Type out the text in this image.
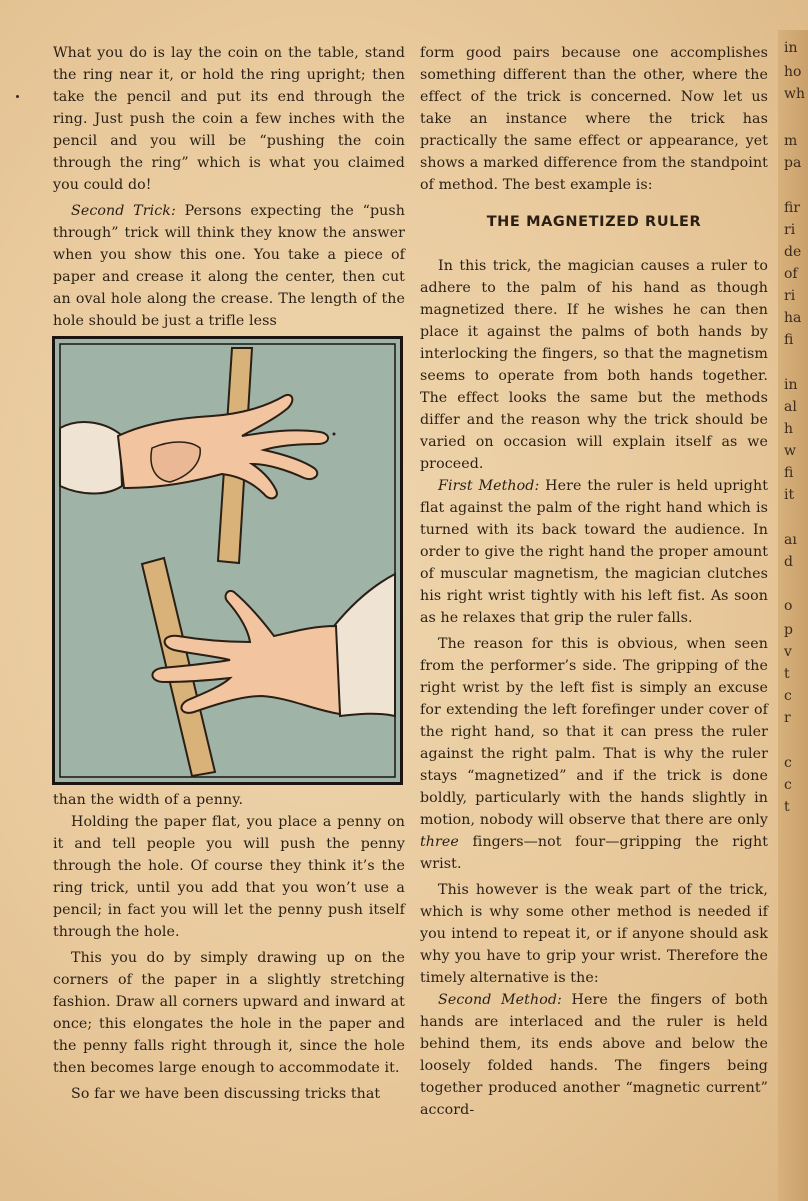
What you do is lay the coin on the table, stand the ring near it, or hold the ring upright; then take the pencil and put its end through the ring. Just push the coin a few inches with the pencil and you will be “pushing the coin through the ring” which is what you claimed you could do!

Second Trick: Persons expecting the “push through” trick will think they know the answer when you show this one. You take a piece of paper and crease it along the center, then cut an oval hole along the crease. The length of the hole should be just a trifle less

than the width of a penny.

Holding the paper flat, you place a penny on it and tell people you will push the penny through the hole. Of course they think it’s the ring trick, until you add that you won’t use a pencil; in fact you will let the penny push itself through the hole.

This you do by simply drawing up on the corners of the paper in a slightly stretching fashion. Draw all corners upward and inward at once; this elongates the hole in the paper and the penny falls right through it, since the hole then becomes large enough to accommodate it.

So far we have been discussing tricks that

form good pairs because one accomplishes something different than the other, where the effect of the trick is concerned. Now let us take an instance where the trick has practically the same effect or appearance, yet shows a marked difference from the standpoint of method. The best example is:

THE MAGNETIZED RULER

In this trick, the magician causes a ruler to adhere to the palm of his hand as though magnetized there. If he wishes he can then place it against the palms of both hands by interlocking the fingers, so that the magnetism seems to operate from both hands together. The effect looks the same but the methods differ and the reason why the trick should be varied on occasion will explain itself as we proceed.

First Method: Here the ruler is held upright flat against the palm of the right hand which is turned with its back toward the audience. In order to give the right hand the proper amount of muscular magnetism, the magician clutches his right wrist tightly with his left fist. As soon as he relaxes that grip the ruler falls.

The reason for this is obvious, when seen from the performer’s side. The gripping of the right wrist by the left fist is simply an excuse for extending the left forefinger under cover of the right hand, so that it can press the ruler against the right palm. That is why the ruler stays “magnetized” and if the trick is done boldly, particularly with the hands slightly in motion, nobody will observe that there are only three fingers—not four—gripping the right wrist.

This however is the weak part of the trick, which is why some other method is needed if you intend to repeat it, or if anyone should ask why you have to grip your wrist. Therefore the timely alternative is the:

Second Method: Here the fingers of both hands are interlaced and the ruler is held behind them, its ends above and below the loosely folded hands. The fingers being together produced another “magnetic current” accord-

in
ho
wh
m
pa
fir
ri
de
of
ri
ha
fi
in
al
h
w
fi
it
aı
d
o
p
v
t
c
r
c
c
t
